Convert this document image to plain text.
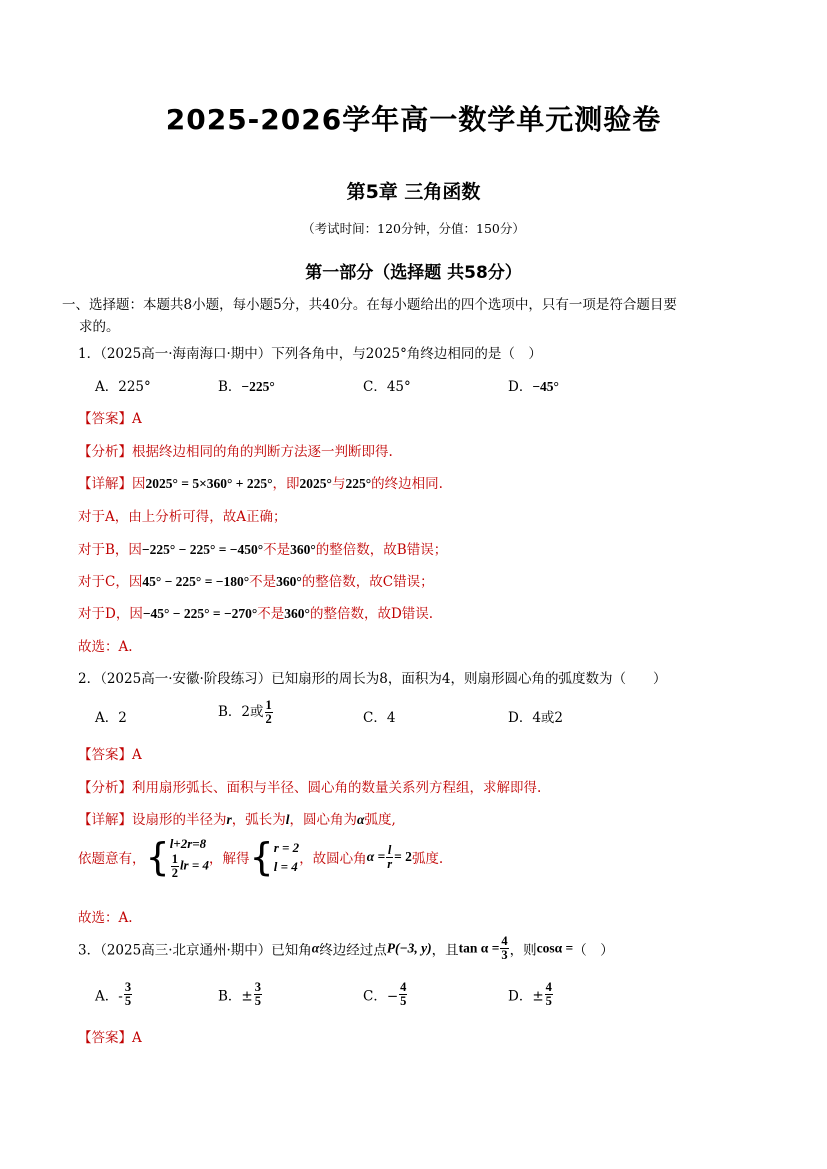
2025-2026学年高一数学单元测验卷
第5章 三角函数
（考试时间：120分钟，分值：150分）
第一部分（选择题 共58分）
一、选择题：本题共8小题，每小题5分，共40分。在每小题给出的四个选项中，只有一项是符合题目要
求的。
1．（2025高一·海南海口·期中）下列各角中，与2025°角终边相同的是（　）
A．225°	B．−225°	C．45°	D．−45°
【答案】A
【分析】根据终边相同的角的判断方法逐一判断即得.
【详解】因2025° = 5×360° + 225°，即2025°与225°的终边相同.
对于A，由上分析可得，故A正确；
对于B，因−225° − 225° = −450°不是360°的整倍数，故B错误；
对于C，因45° − 225° = −180°不是360°的整倍数，故C错误；
对于D，因−45° − 225° = −270°不是360°的整倍数，故D错误.
故选：A.
2．（2025高一·安徽·阶段练习）已知扇形的周长为8，面积为4，则扇形圆心角的弧度数为（　　）
A．2	B．2或 $\frac{1}{2}$	C．4	D．4或2
【答案】A
【分析】利用扇形弧长、面积与半径、圆心角的数量关系列方程组，求解即得.
【详解】设扇形的半径为r，弧长为l，圆心角为α弧度,
依题意有，{ l+2r=8
$\frac{1}{2}$ lr = 4 ，解得{ r = 2
l = 4 ，故圆心角$\alpha = \frac{l}{r} = 2$弧度.
故选：A.
3．（2025高三·北京通州·期中）已知角α终边经过点P(−3, y)，且$\tan \alpha = \frac{4}{3}$ ，则cosα =（　）
A．- $\frac{3}{5}$	B．± $\frac{3}{5}$	C．− $\frac{4}{5}$	D．± $\frac{4}{5}$
【答案】A
